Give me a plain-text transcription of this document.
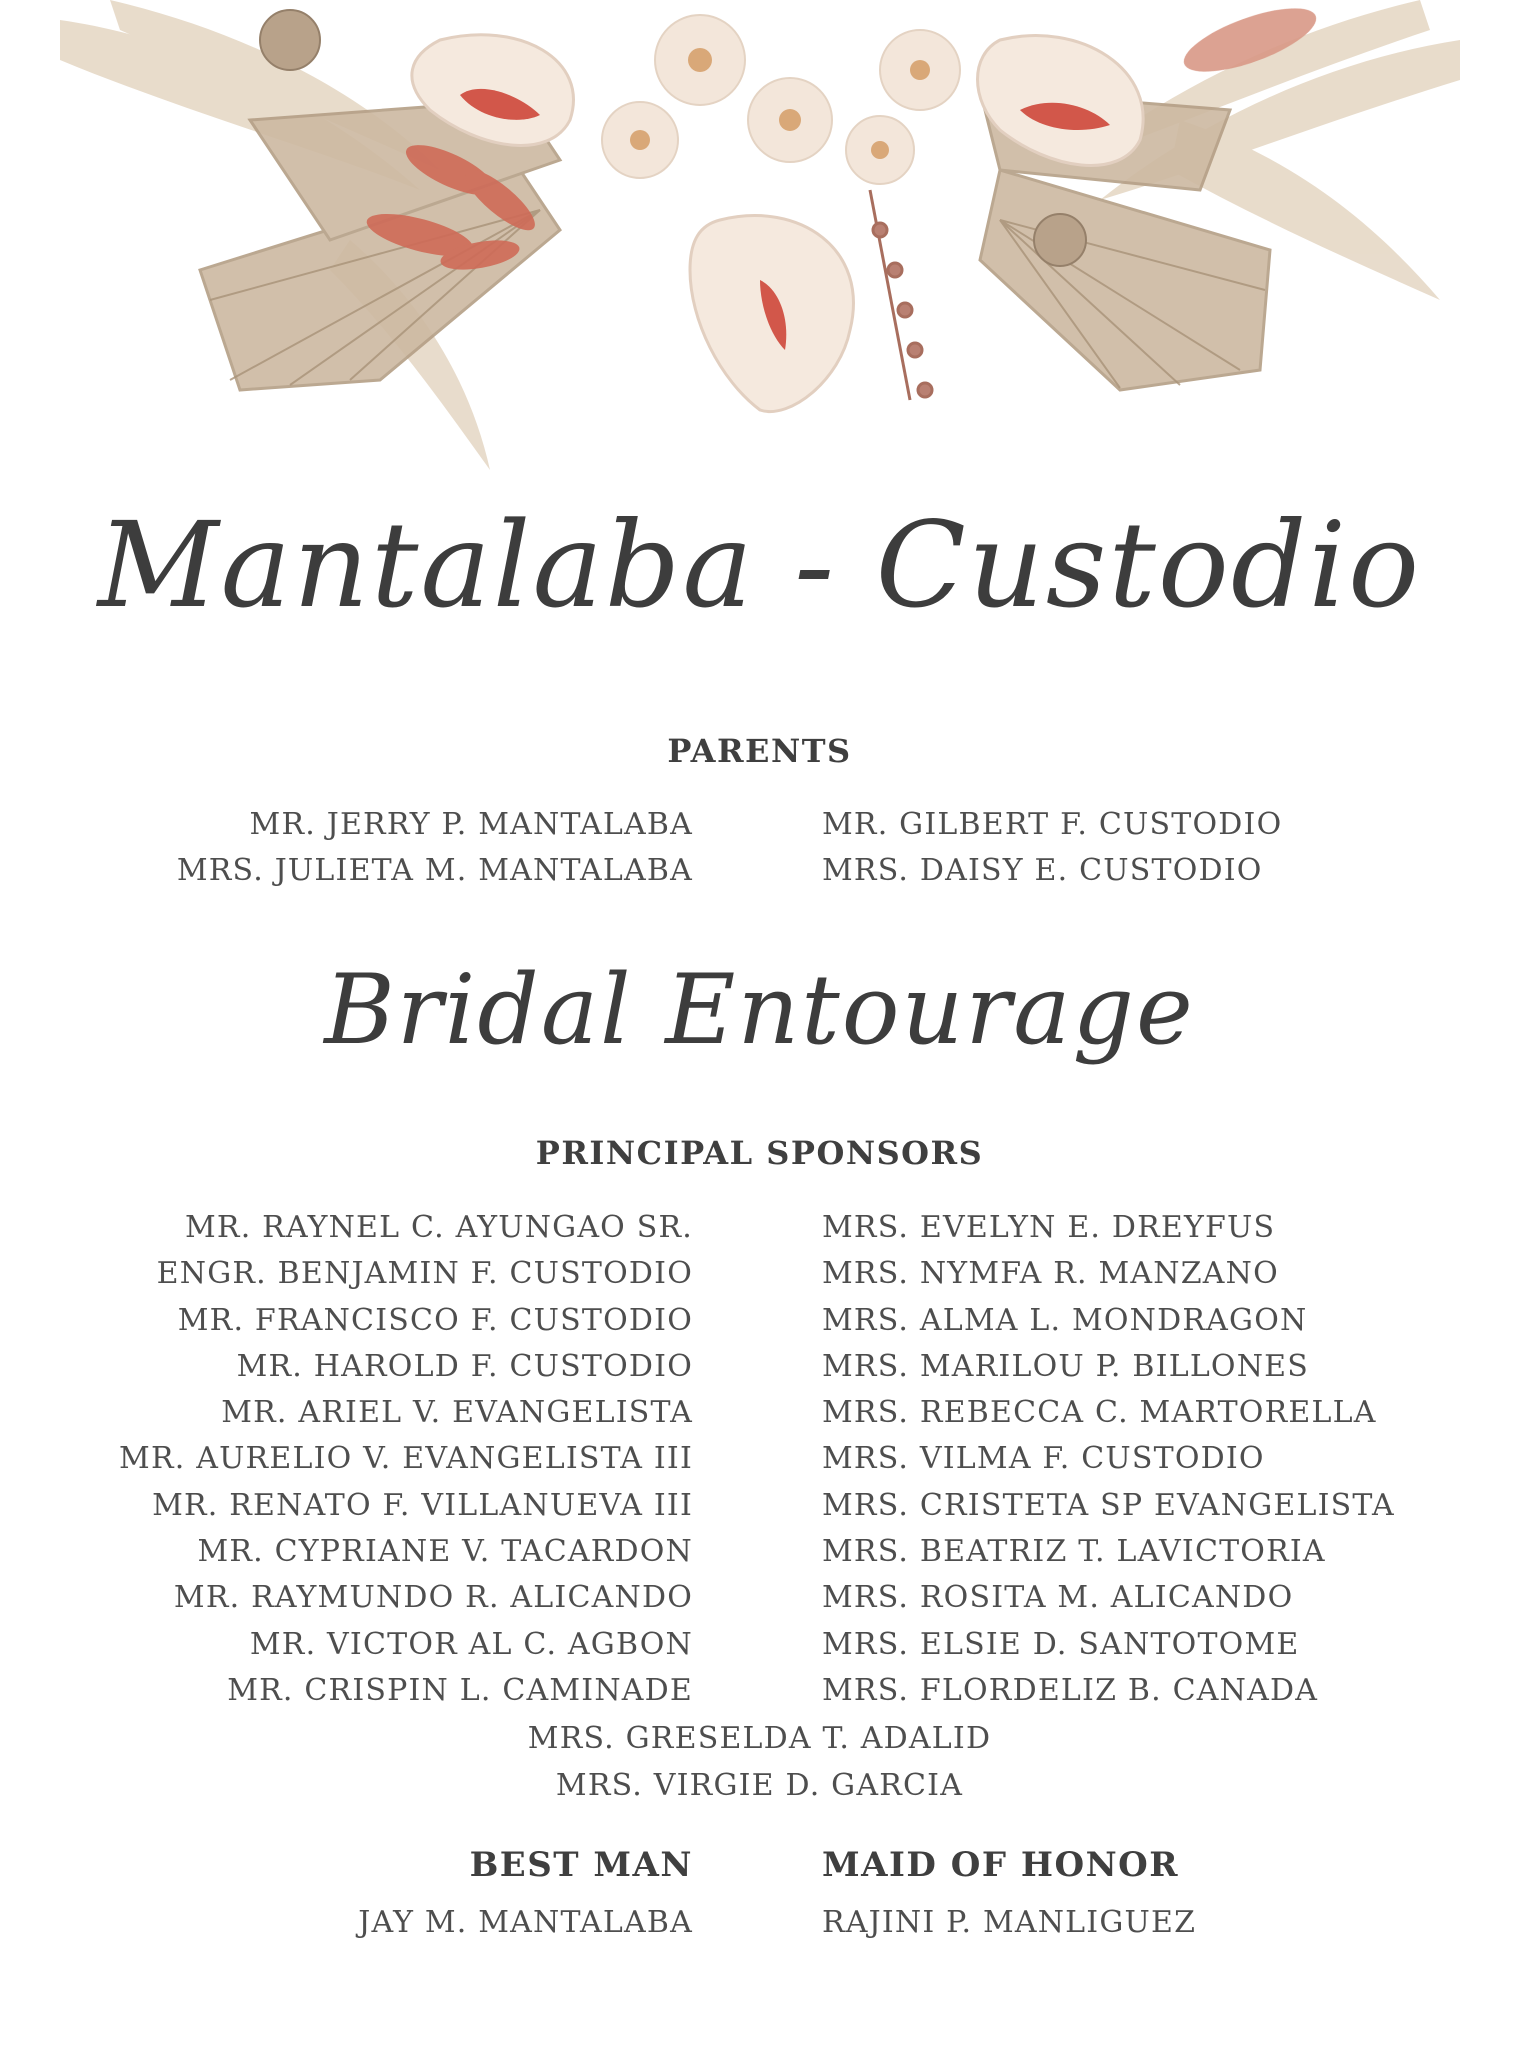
Mantalaba - Custodio
PARENTS
MR. JERRY P. MANTALABA
MRS. JULIETA M. MANTALABA
MR. GILBERT F. CUSTODIO
MRS. DAISY E. CUSTODIO
Bridal Entourage
PRINCIPAL SPONSORS
MR. RAYNEL C. AYUNGAO SR.
ENGR. BENJAMIN F. CUSTODIO
MR. FRANCISCO F. CUSTODIO
MR. HAROLD F. CUSTODIO
MR. ARIEL V. EVANGELISTA
MR. AURELIO V. EVANGELISTA III
MR. RENATO F. VILLANUEVA III
MR. CYPRIANE V. TACARDON
MR. RAYMUNDO R. ALICANDO
MR. VICTOR AL C. AGBON
MR. CRISPIN L. CAMINADE
MRS. EVELYN E. DREYFUS
MRS. NYMFA R. MANZANO
MRS. ALMA L. MONDRAGON
MRS. MARILOU P. BILLONES
MRS. REBECCA C. MARTORELLA
MRS. VILMA F. CUSTODIO
MRS. CRISTETA SP EVANGELISTA
MRS. BEATRIZ T. LAVICTORIA
MRS. ROSITA M. ALICANDO
MRS. ELSIE D. SANTOTOME
MRS. FLORDELIZ B. CANADA
MRS. GRESELDA T. ADALID
MRS. VIRGIE D. GARCIA
BEST MAN	MAID OF HONOR
JAY M. MANTALABA	RAJINI P. MANLIGUEZ
